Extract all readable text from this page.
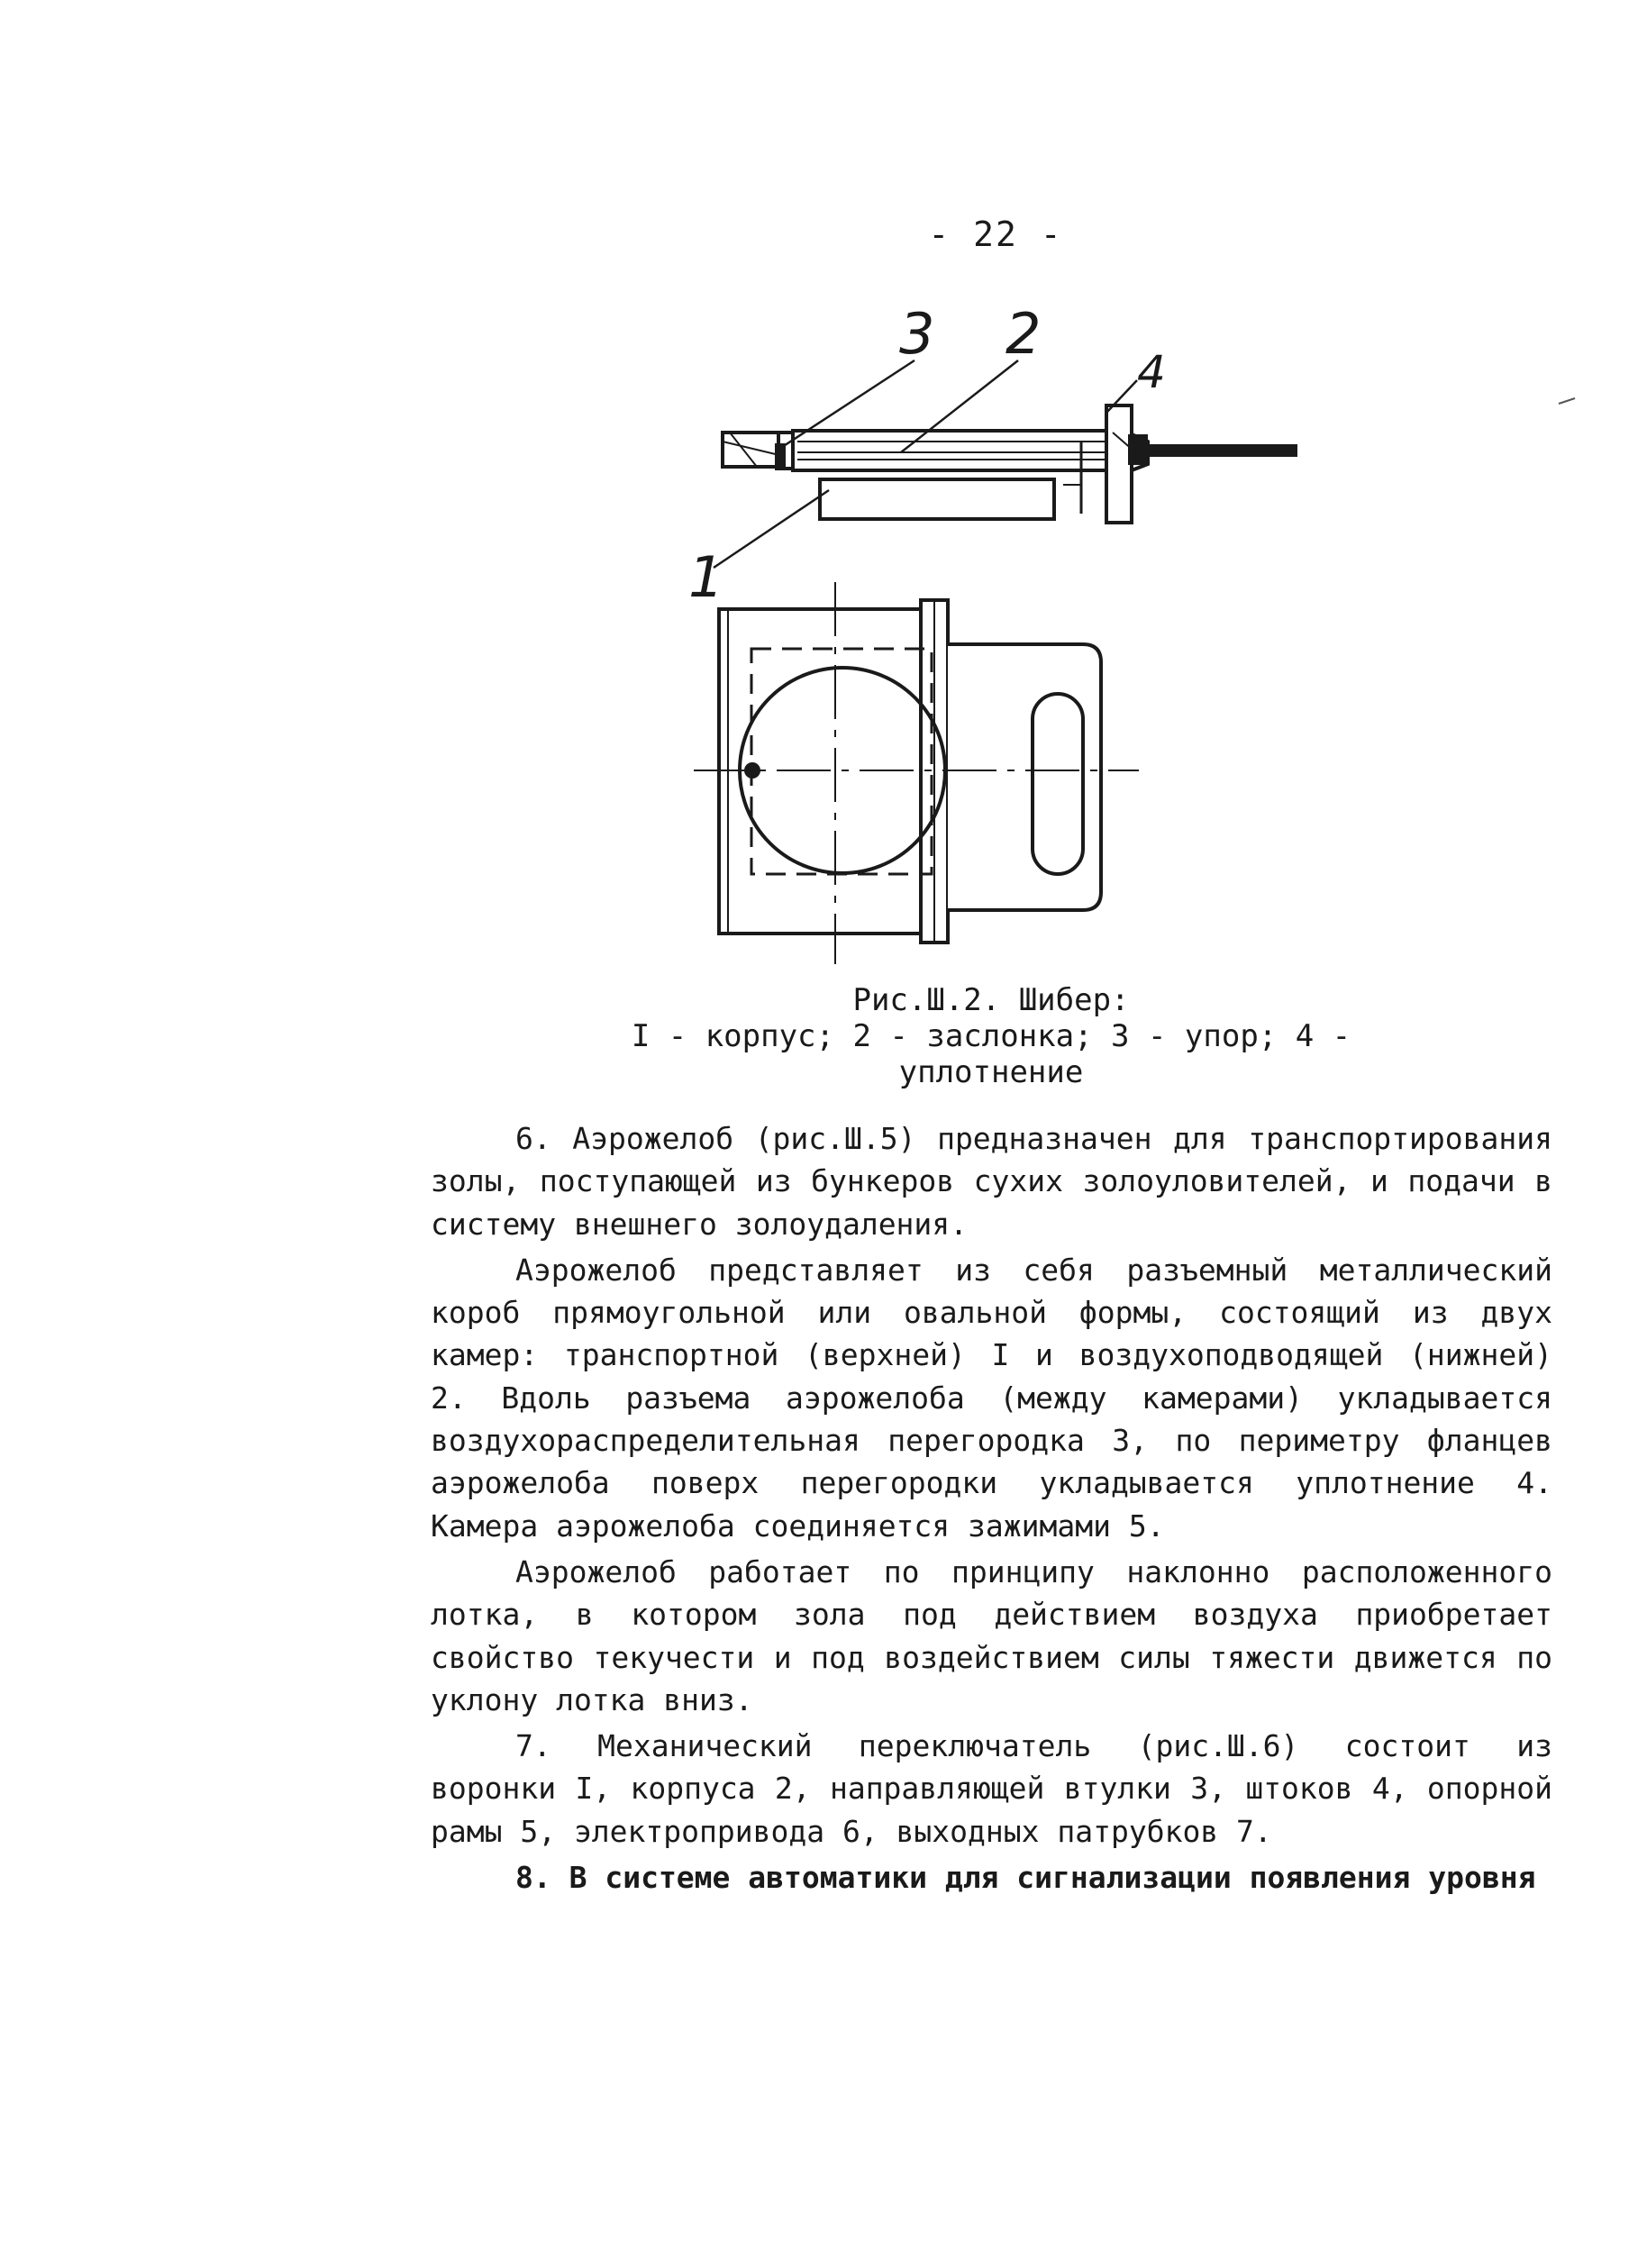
- 22 -
3 2
4
1
Рис.Ш.2. Шибер:
I - корпус; 2 - заслонка; 3 - упор; 4 -
уплотнение

6. Аэрожелоб (рис.Ш.5) предназначен для транспортирования золы, поступающей из бункеров сухих золоуловителей, и подачи в систему внешнего золоудаления.

Аэрожелоб представляет из себя разъемный металлический короб прямоугольной или овальной формы, состоящий из двух камер: транспортной (верхней) I и воздухоподводящей (нижней) 2. Вдоль разъема аэрожелоба (между камерами) укладывается воздухораспределительная перегородка 3, по периметру фланцев аэрожелоба поверх перегородки укладывается уплотнение 4. Камера аэрожелоба соединяется зажимами 5.

Аэрожелоб работает по принципу наклонно расположенного лотка, в котором зола под действием воздуха приобретает свойство текучести и под воздействием силы тяжести движется по уклону лотка вниз.

7. Механический переключатель (рис.Ш.6) состоит из воронки I, корпуса 2, направляющей втулки 3, штоков 4, опорной рамы 5, электропривода 6, выходных патрубков 7.

8. В системе автоматики для сигнализации появления уровня
